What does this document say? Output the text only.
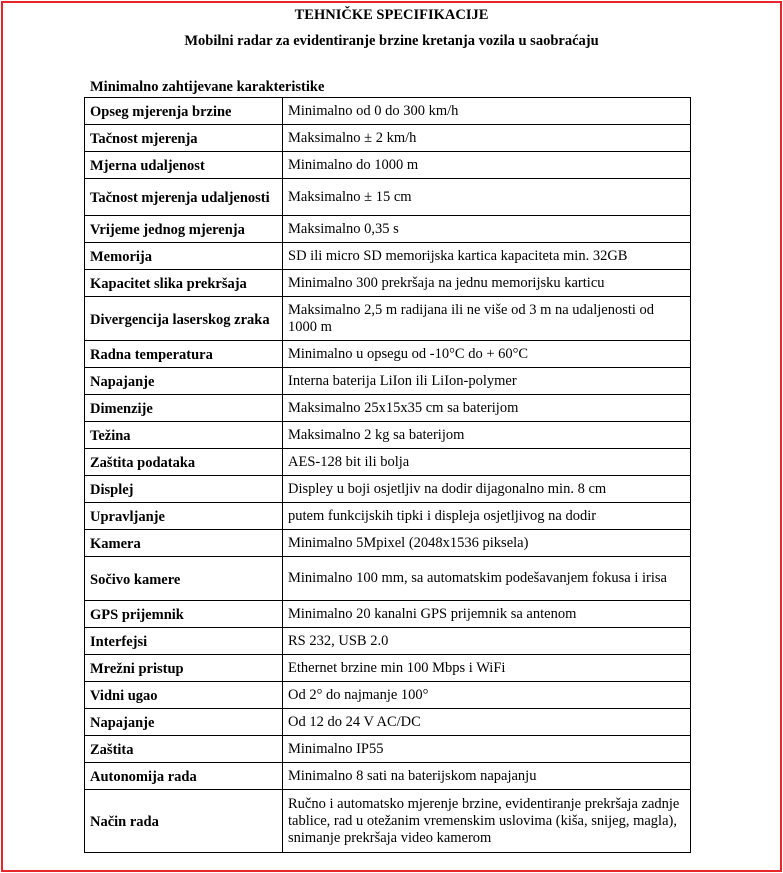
TEHNIČKE SPECIFIKACIJE
Mobilni radar za evidentiranje brzine kretanja vozila u saobraćaju
Minimalno zahtijevane karakteristike
Opseg mjerenja brzine	Minimalno od 0 do 300 km/h
Tačnost mjerenja	Maksimalno ± 2 km/h
Mjerna udaljenost	Minimalno do 1000 m
Tačnost mjerenja udaljenosti	Maksimalno ± 15 cm
Vrijeme jednog mjerenja	Maksimalno 0,35 s
Memorija	SD ili micro SD memorijska kartica kapaciteta min. 32GB
Kapacitet slika prekršaja	Minimalno 300 prekršaja na jednu memorijsku karticu
Divergencija laserskog zraka	Maksimalno 2,5 m radijana ili ne više od 3 m na udaljenosti od 1000 m
Radna temperatura	Minimalno u opsegu od -10°C do + 60°C
Napajanje	Interna baterija LiIon ili LiIon-polymer
Dimenzije	Maksimalno 25x15x35 cm sa baterijom
Težina	Maksimalno 2 kg sa baterijom
Zaštita podataka	AES-128 bit ili bolja
Displej	Displey u boji osjetljiv na dodir dijagonalno min. 8 cm
Upravljanje	putem funkcijskih tipki i displeja osjetljivog na dodir
Kamera	Minimalno 5Mpixel (2048x1536 piksela)
Sočivo kamere	Minimalno 100 mm, sa automatskim podešavanjem fokusa i irisa
GPS prijemnik	Minimalno 20 kanalni GPS prijemnik sa antenom
Interfejsi	RS 232, USB 2.0
Mrežni pristup	Ethernet brzine min 100 Mbps i WiFi
Vidni ugao	Od 2° do najmanje 100°
Napajanje	Od 12 do 24 V AC/DC
Zaštita	Minimalno IP55
Autonomija rada	Minimalno 8 sati na baterijskom napajanju
Način rada	Ručno i automatsko mjerenje brzine, evidentiranje prekršaja zadnje tablice, rad u otežanim vremenskim uslovima (kiša, snijeg, magla), snimanje prekršaja video kamerom
